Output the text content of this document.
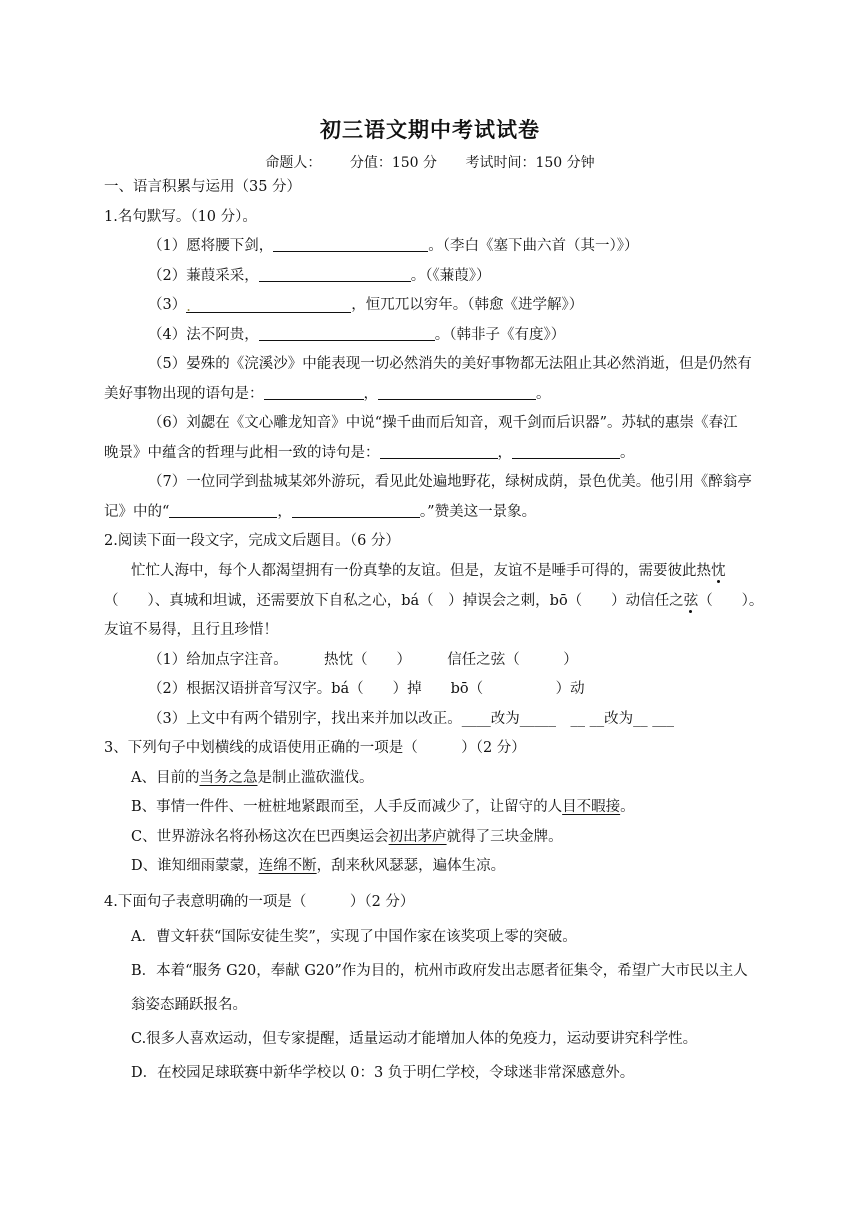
初三语文期中考试试卷
命题人： 分值：150 分 考试时间：150 分钟
一、语言积累与运用（35 分）
1.名句默写。（10 分）。
（1）愿将腰下剑，	。（李白《塞下曲六首（其一）》）
（2）蒹葭采采，	。（《蒹葭》）
（3）.	，恒兀兀以穷年。（韩愈《进学解》）
（4）法不阿贵，	。（韩非子《有度》）
（5）晏殊的《浣溪沙》中能表现一切必然消失的美好事物都无法阻止其必然消逝，但是仍然有
美好事物出现的语句是：	，	。
（6）刘勰在《文心雕龙知音》中说“操千曲而后知音，观千剑而后识器”。苏轼的惠崇《春江
晚景》中蕴含的哲理与此相一致的诗句是：	，	。
（7）一位同学到盐城某郊外游玩，看见此处遍地野花，绿树成荫，景色优美。他引用《醉翁亭
记》中的“	，	。”赞美这一景象。
2.阅读下面一段文字，完成文后题目。（6 分）
忙忙人海中，每个人都渴望拥有一份真挚的友谊。但是，友谊不是唾手可得的，需要彼此热忱
（　　）、真城和坦诚，还需要放下自私之心，bá（　）掉误会之刺，bō（　　）动信任之弦（　　）。
友谊不易得，且行且珍惜！
（1）给加点字注音。　　　热忱（　　）　　　信任之弦（　　　）
（2）根据汉语拼音写汉字。bá（　　）掉　　bō（　　　　　）动
（3）上文中有两个错别字，找出来并加以改正。____改为_____　__ __改为__ ___
3、下列句子中划横线的成语使用正确的一项是（　　　）（2 分）
A、目前的当务之急是制止滥砍滥伐。
B、事情一件件、一桩桩地紧跟而至，人手反而减少了，让留守的人目不暇接。
C、世界游泳名将孙杨这次在巴西奥运会初出茅庐就得了三块金牌。
D、谁知细雨蒙蒙，连绵不断，刮来秋风瑟瑟，遍体生凉。
4.下面句子表意明确的一项是（　　　）（2 分）
A．曹文轩获“国际安徒生奖”，实现了中国作家在该奖项上零的突破。
B．本着“服务 G20，奉献 G20”作为目的，杭州市政府发出志愿者征集令，希望广大市民以主人
翁姿态踊跃报名。
C.很多人喜欢运动，但专家提醒，适量运动才能增加人体的免疫力，运动要讲究科学性。
D．在校园足球联赛中新华学校以 0：3 负于明仁学校，令球迷非常深感意外。
